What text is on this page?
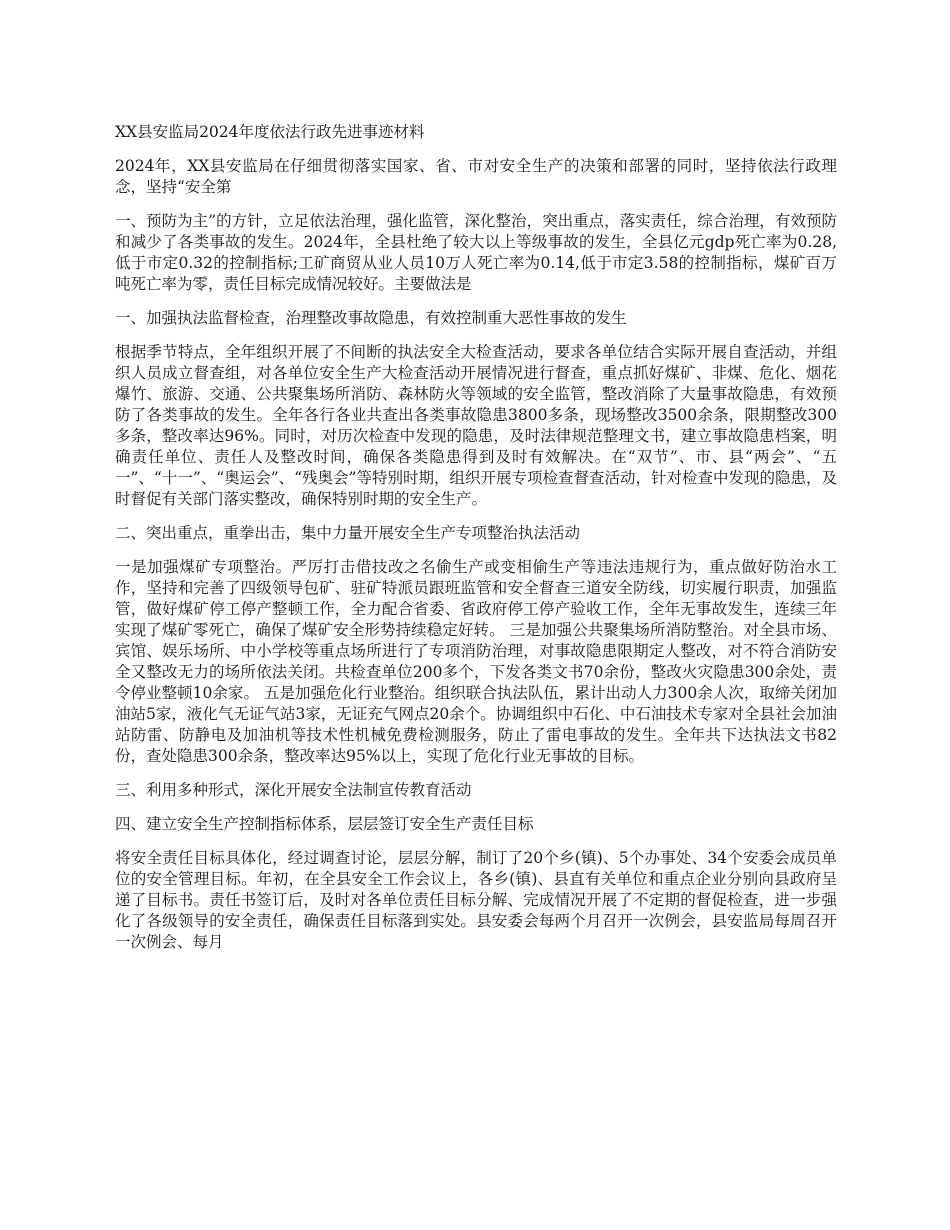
XX县安监局2024年度依法行政先进事迹材料

2024年，XX县安监局在仔细贯彻落实国家、省、市对安全生产的决策和部署的同时，坚持依法行政理念，坚持“安全第

一、预防为主”的方针，立足依法治理，强化监管，深化整治，突出重点，落实责任，综合治理，有效预防和减少了各类事故的发生。2024年，全县杜绝了较大以上等级事故的发生，全县亿元gdp死亡率为0.28,低于市定0.32的控制指标;工矿商贸从业人员10万人死亡率为0.14,低于市定3.58的控制指标，煤矿百万吨死亡率为零，责任目标完成情况较好。主要做法是

一、加强执法监督检查，治理整改事故隐患，有效控制重大恶性事故的发生

根据季节特点，全年组织开展了不间断的执法安全大检查活动，要求各单位结合实际开展自查活动，并组织人员成立督查组，对各单位安全生产大检查活动开展情况进行督查，重点抓好煤矿、非煤、危化、烟花爆竹、旅游、交通、公共聚集场所消防、森林防火等领域的安全监管，整改消除了大量事故隐患，有效预防了各类事故的发生。全年各行各业共查出各类事故隐患3800多条，现场整改3500余条，限期整改300多条，整改率达96%。同时，对历次检查中发现的隐患，及时法律规范整理文书，建立事故隐患档案，明确责任单位、责任人及整改时间，确保各类隐患得到及时有效解决。在“双节”、市、县“两会”、“五一”、“十一”、“奥运会”、“残奥会”等特别时期，组织开展专项检查督查活动，针对检查中发现的隐患，及时督促有关部门落实整改，确保特别时期的安全生产。

二、突出重点，重拳出击，集中力量开展安全生产专项整治执法活动

一是加强煤矿专项整治。严厉打击借技改之名偷生产或变相偷生产等违法违规行为，重点做好防治水工作，坚持和完善了四级领导包矿、驻矿特派员跟班监管和安全督查三道安全防线，切实履行职责，加强监管，做好煤矿停工停产整顿工作，全力配合省委、省政府停工停产验收工作，全年无事故发生，连续三年实现了煤矿零死亡，确保了煤矿安全形势持续稳定好转。 三是加强公共聚集场所消防整治。对全县市场、宾馆、娱乐场所、中小学校等重点场所进行了专项消防治理，对事故隐患限期定人整改，对不符合消防安全又整改无力的场所依法关闭。共检查单位200多个，下发各类文书70余份，整改火灾隐患300余处，责令停业整顿10余家。 五是加强危化行业整治。组织联合执法队伍，累计出动人力300余人次，取缔关闭加油站5家，液化气无证气站3家，无证充气网点20余个。协调组织中石化、中石油技术专家对全县社会加油站防雷、防静电及加油机等技术性机械免费检测服务，防止了雷电事故的发生。全年共下达执法文书82份，查处隐患300余条，整改率达95%以上，实现了危化行业无事故的目标。

三、利用多种形式，深化开展安全法制宣传教育活动

四、建立安全生产控制指标体系，层层签订安全生产责任目标

将安全责任目标具体化，经过调查讨论，层层分解，制订了20个乡(镇)、5个办事处、34个安委会成员单位的安全管理目标。年初，在全县安全工作会议上，各乡(镇)、县直有关单位和重点企业分别向县政府呈递了目标书。责任书签订后，及时对各单位责任目标分解、完成情况开展了不定期的督促检查，进一步强化了各级领导的安全责任，确保责任目标落到实处。县安委会每两个月召开一次例会，县安监局每周召开一次例会、每月
